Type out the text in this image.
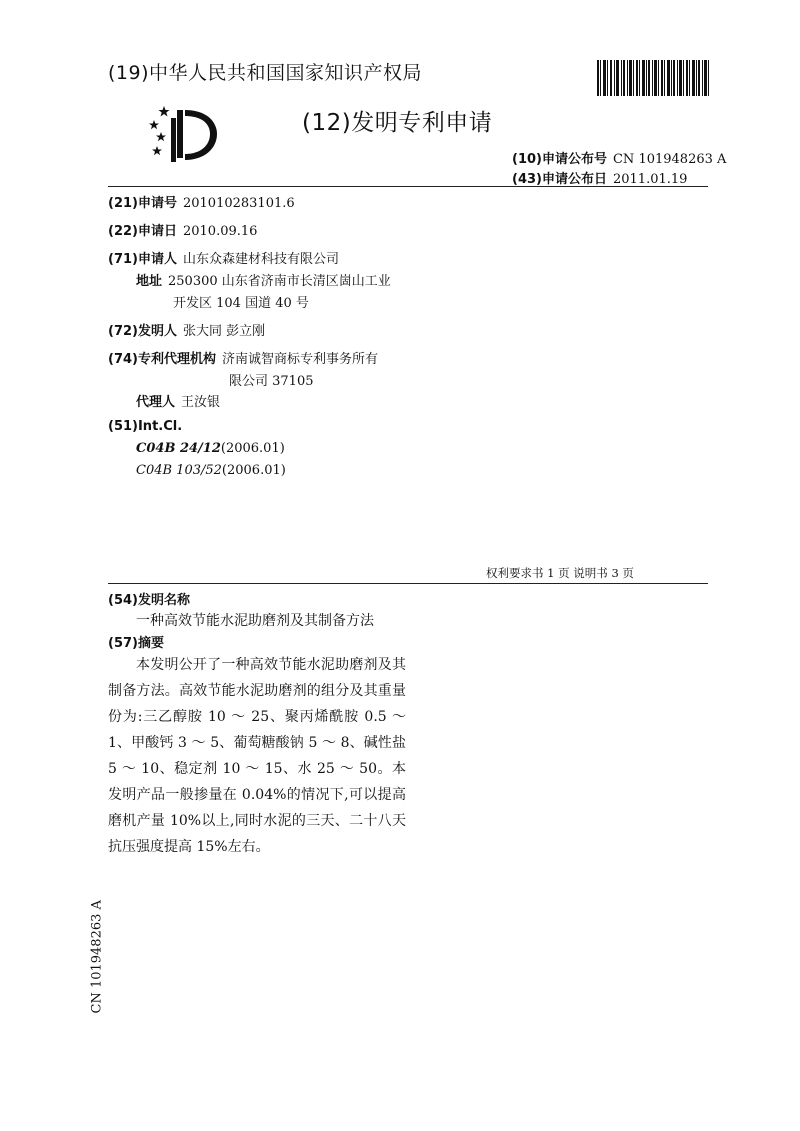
(19)中华人民共和国国家知识产权局
(12)发明专利申请
(10)申请公布号 CN 101948263 A
(43)申请公布日 2011.01.19
(21)申请号 201010283101.6
(22)申请日 2010.09.16
(71)申请人 山东众森建材科技有限公司
地址 250300 山东省济南市长清区崮山工业
开发区 104 国道 40 号
(72)发明人 张大同 彭立刚
(74)专利代理机构 济南诚智商标专利事务所有
限公司 37105
代理人 王汝银
(51)Int.Cl.
C04B 24/12(2006.01)
C04B 103/52(2006.01)
权利要求书 1 页 说明书 3 页
(54)发明名称
一种高效节能水泥助磨剂及其制备方法
(57)摘要
本发明公开了一种高效节能水泥助磨剂及其制备方法。高效节能水泥助磨剂的组分及其重量份为:三乙醇胺 10 ～ 25、聚丙烯酰胺 0.5 ～ 1、甲酸钙 3 ～ 5、葡萄糖酸钠 5 ～ 8、碱性盐 5 ～ 10、稳定剂 10 ～ 15、水 25 ～ 50。本发明产品一般掺量在 0.04%的情况下,可以提高磨机产量 10%以上,同时水泥的三天、二十八天抗压强度提高 15%左右。
CN 101948263 A
